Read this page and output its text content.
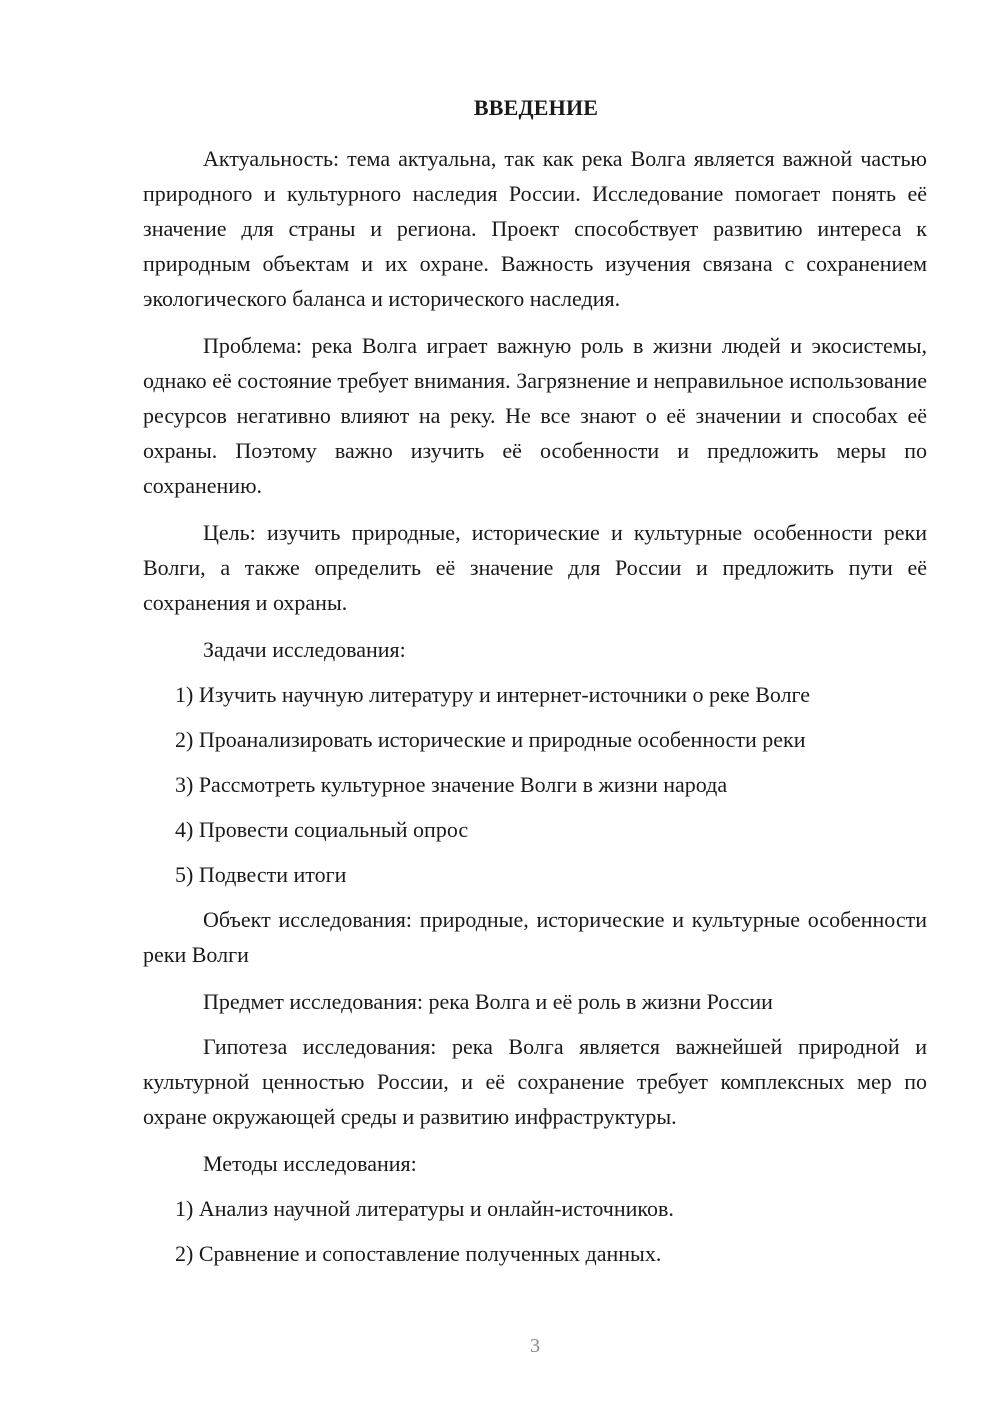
ВВЕДЕНИЕ

Актуальность: тема актуальна, так как река Волга является важной частью природного и культурного наследия России. Исследование помогает понять её значение для страны и региона. Проект способствует развитию интереса к природным объектам и их охране. Важность изучения связана с сохранением экологического баланса и исторического наследия.

Проблема: река Волга играет важную роль в жизни людей и экосистемы, однако её состояние требует внимания. Загрязнение и неправильное использование ресурсов негативно влияют на реку. Не все знают о её значении и способах её охраны. Поэтому важно изучить её особенности и предложить меры по сохранению.

Цель: изучить природные, исторические и культурные особенности реки Волги, а также определить её значение для России и предложить пути её сохранения и охраны.

Задачи исследования:

1) Изучить научную литературу и интернет-источники о реке Волге

2) Проанализировать исторические и природные особенности реки

3) Рассмотреть культурное значение Волги в жизни народа

4) Провести социальный опрос

5) Подвести итоги

Объект исследования: природные, исторические и культурные особенности реки Волги

Предмет исследования: река Волга и её роль в жизни России

Гипотеза исследования: река Волга является важнейшей природной и культурной ценностью России, и её сохранение требует комплексных мер по охране окружающей среды и развитию инфраструктуры.

Методы исследования:

1) Анализ научной литературы и онлайн-источников.

2) Сравнение и сопоставление полученных данных.

3
